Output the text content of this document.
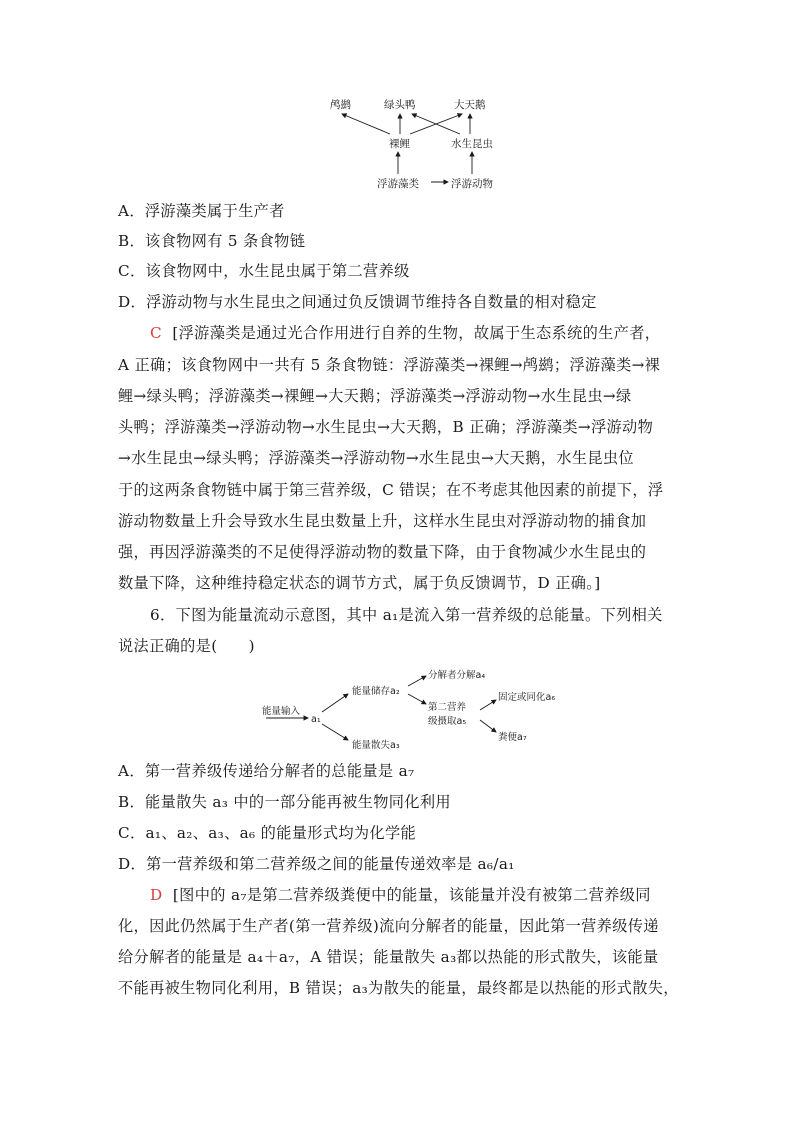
鸬鹚	绿头鸭	大天鹅
裸鲤	水生昆虫
浮游藻类	浮游动物
A．浮游藻类属于生产者
B．该食物网有 5 条食物链
C．该食物网中，水生昆虫属于第二营养级
D．浮游动物与水生昆虫之间通过负反馈调节维持各自数量的相对稳定
C [浮游藻类是通过光合作用进行自养的生物，故属于生态系统的生产者，
A 正确；该食物网中一共有 5 条食物链：浮游藻类→裸鲤→鸬鹚；浮游藻类→裸
鲤→绿头鸭；浮游藻类→裸鲤→大天鹅；浮游藻类→浮游动物→水生昆虫→绿
头鸭；浮游藻类→浮游动物→水生昆虫→大天鹅，B 正确；浮游藻类→浮游动物
→水生昆虫→绿头鸭；浮游藻类→浮游动物→水生昆虫→大天鹅，水生昆虫位
于的这两条食物链中属于第三营养级，C 错误；在不考虑其他因素的前提下，浮
游动物数量上升会导致水生昆虫数量上升，这样水生昆虫对浮游动物的捕食加
强，再因浮游藻类的不足使得浮游动物的数量下降，由于食物减少水生昆虫的
数量下降，这种维持稳定状态的调节方式，属于负反馈调节，D 正确。]
6．下图为能量流动示意图，其中 a₁是流入第一营养级的总能量。下列相关
说法正确的是(　　)
能量输入
a₁
能量储存a₂
能量散失a₃
分解者分解a₄
第二营养
级摄取a₅
固定或同化a₆
粪便a₇
A．第一营养级传递给分解者的总能量是 a₇
B．能量散失 a₃ 中的一部分能再被生物同化利用
C．a₁、a₂、a₃、a₆ 的能量形式均为化学能
D．第一营养级和第二营养级之间的能量传递效率是 a₆/a₁
D [图中的 a₇是第二营养级粪便中的能量，该能量并没有被第二营养级同
化，因此仍然属于生产者(第一营养级)流向分解者的能量，因此第一营养级传递
给分解者的能量是 a₄＋a₇，A 错误；能量散失 a₃都以热能的形式散失，该能量
不能再被生物同化利用，B 错误；a₃为散失的能量，最终都是以热能的形式散失，
